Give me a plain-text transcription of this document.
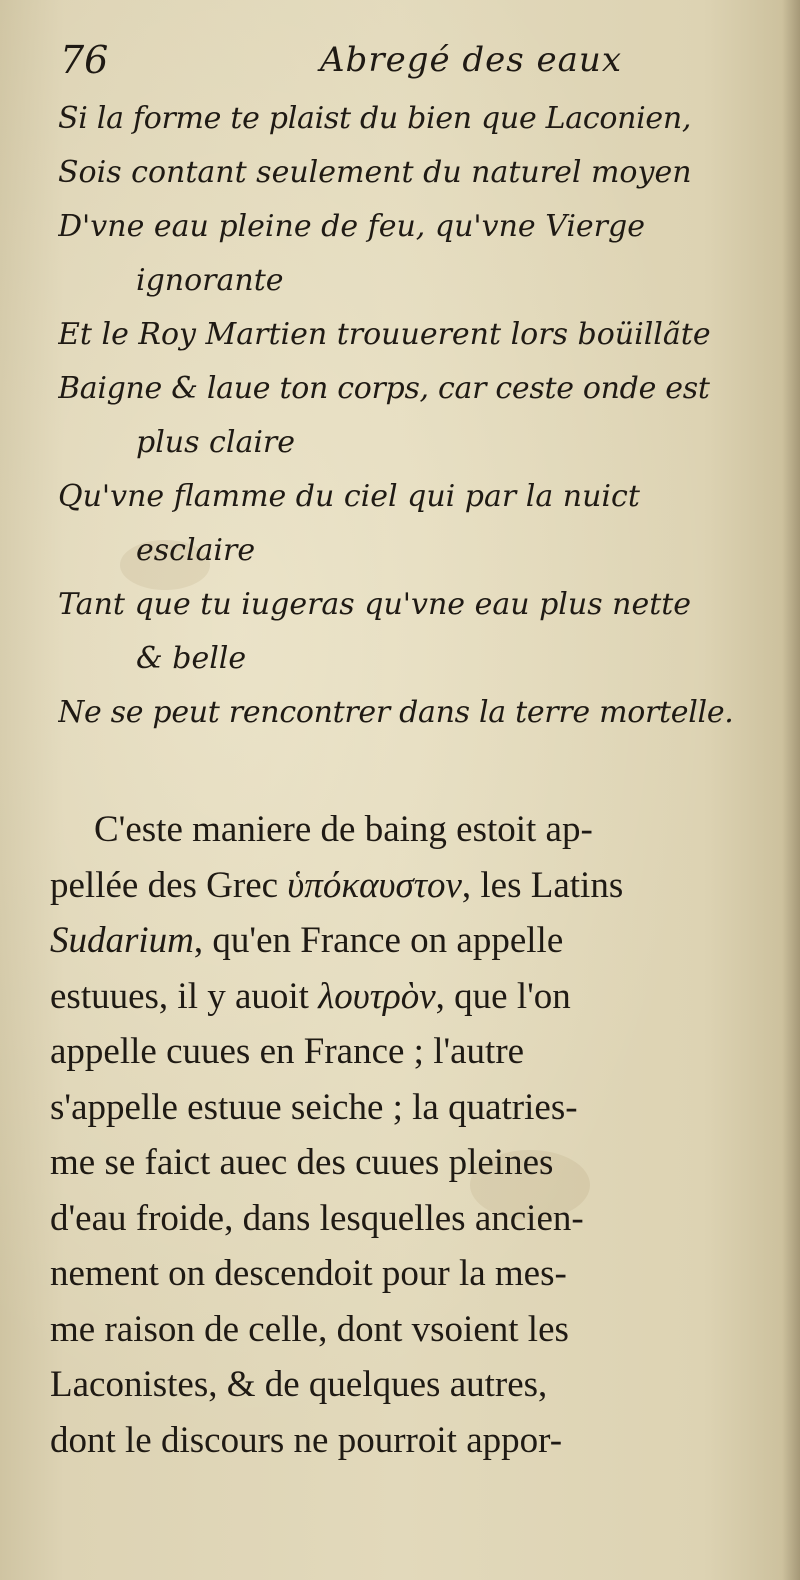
76	Abregé des eaux
Si la forme te plaist du bien que Laconien,
Sois contant seulement du naturel moyen
D'vne eau pleine de feu, qu'vne Vierge
ignorante
Et le Roy Martien trouuerent lors boüillãte
Baigne & laue ton corps, car ceste onde est
plus claire
Qu'vne flamme du ciel qui par la nuict
esclaire
Tant que tu iugeras qu'vne eau plus nette
& belle
Ne se peut rencontrer dans la terre mortelle.
C'este maniere de baing estoit ap-
pellée des Grec ὑπόκαυστον, les Latins
Sudarium, qu'en France on appelle
estuues, il y auoit λουτρὸν, que l'on
appelle cuues en France ; l'autre
s'appelle estuue seiche ; la quatries-
me se faict auec des cuues pleines
d'eau froide, dans lesquelles ancien-
nement on descendoit pour la mes-
me raison de celle, dont vsoient les
Laconistes, & de quelques autres,
dont le discours ne pourroit appor-
